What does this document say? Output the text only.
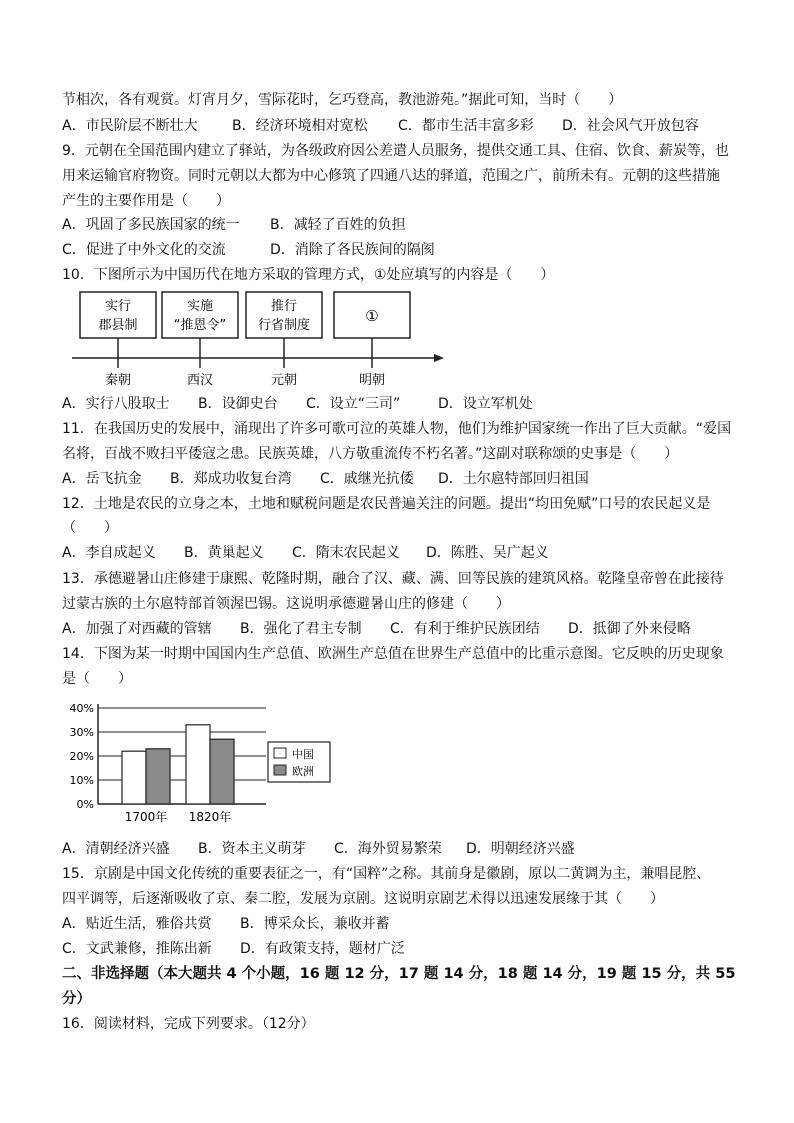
节相次，各有观赏。灯宵月夕，雪际花时，乞巧登高，教池游苑。”据此可知，当时（　　）
A．市民阶层不断壮大 B．经济环境相对宽松 C．都市生活丰富多彩 D．社会风气开放包容
9．元朝在全国范围内建立了驿站，为各级政府因公差遣人员服务，提供交通工具、住宿、饮食、薪炭等，也
用来运输官府物资。同时元朝以大都为中心修筑了四通八达的驿道，范围之广，前所未有。元朝的这些措施
产生的主要作用是（　　）
A．巩固了多民族国家的统一 B．减轻了百姓的负担
C．促进了中外文化的交流	D．消除了各民族间的隔阂
10．下图所示为中国历代在地方采取的管理方式，①处应填写的内容是（　　）
实行
郡县制
实施
“推恩令”
推行
行省制度
①
秦朝	西汉	元朝	明朝
A．实行八股取士 B．设御史台 C．设立“三司”	D．设立军机处
11．在我国历史的发展中，涌现出了许多可歌可泣的英雄人物，他们为维护国家统一作出了巨大贡献。“爱国
名将，百战不败扫平倭寇之患。民族英雄，八方敬重流传不朽名著。”这副对联称颂的史事是（　　）
A．岳飞抗金 B．郑成功收复台湾 C．戚继光抗倭 D．土尔扈特部回归祖国
12．土地是农民的立身之本，土地和赋税问题是农民普遍关注的问题。提出“均田免赋”口号的农民起义是
（　　）
A．李自成起义 B．黄巢起义 C．隋末农民起义 D．陈胜、吴广起义
13．承德避暑山庄修建于康熙、乾隆时期，融合了汉、藏、满、回等民族的建筑风格。乾隆皇帝曾在此接待
过蒙古族的土尔扈特部首领渥巴锡。这说明承德避暑山庄的修建（　　）
A．加强了对西藏的管辖 B．强化了君主专制 C．有利于维护民族团结 D．抵御了外来侵略
14．下图为某一时期中国国内生产总值、欧洲生产总值在世界生产总值中的比重示意图。它反映的历史现象
是（　　）
0%
10%
20%
30%
40%
1700年 1820年
中国
欧洲
A．清朝经济兴盛 B．资本主义萌芽 C．海外贸易繁荣 D．明朝经济兴盛
15．京剧是中国文化传统的重要表征之一，有“国粹”之称。其前身是徽剧，原以二黄调为主，兼唱昆腔、
四平调等，后逐渐吸收了京、秦二腔，发展为京剧。这说明京剧艺术得以迅速发展缘于其（　　）
A．贴近生活，雅俗共赏 B．博采众长，兼收并蓄
C．文武兼修，推陈出新 D．有政策支持，题材广泛
二、非选择题（本大题共 4 个小题，16 题 12 分，17 题 14 分，18 题 14 分，19 题 15 分，共 55
分）
16．阅读材料，完成下列要求。（12分）
